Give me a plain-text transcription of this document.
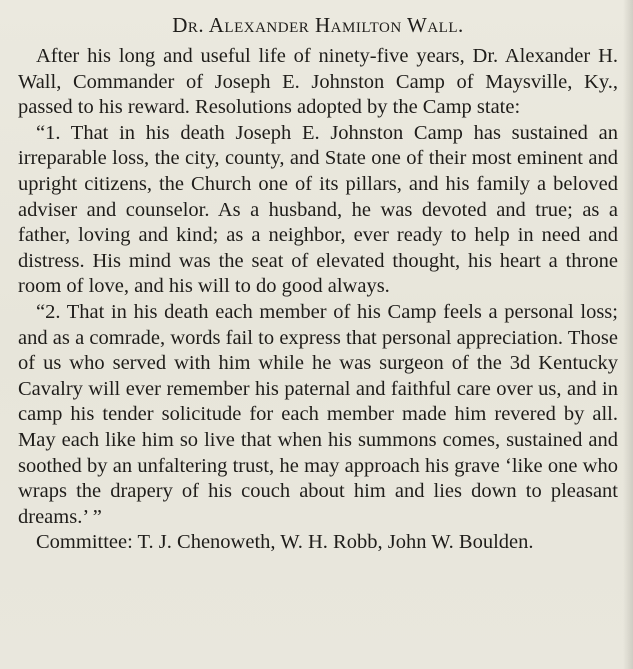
Dr. Alexander Hamilton Wall.

After his long and useful life of ninety-five years, Dr. Alexander H. Wall, Commander of Joseph E. Johnston Camp of Maysville, Ky., passed to his reward. Resolutions adopted by the Camp state:

“1. That in his death Joseph E. Johnston Camp has sustained an irreparable loss, the city, county, and State one of their most eminent and upright citizens, the Church one of its pillars, and his family a beloved adviser and counselor. As a husband, he was devoted and true; as a father, loving and kind; as a neighbor, ever ready to help in need and distress. His mind was the seat of elevated thought, his heart a throne room of love, and his will to do good always.

“2. That in his death each member of his Camp feels a personal loss; and as a comrade, words fail to express that personal appreciation. Those of us who served with him while he was surgeon of the 3d Kentucky Cavalry will ever remember his paternal and faithful care over us, and in camp his tender solicitude for each member made him revered by all. May each like him so live that when his summons comes, sustained and soothed by an unfaltering trust, he may approach his grave ‘like one who wraps the drapery of his couch about him and lies down to pleasant dreams.’ ”

Committee: T. J. Chenoweth, W. H. Robb, John W. Boulden.
